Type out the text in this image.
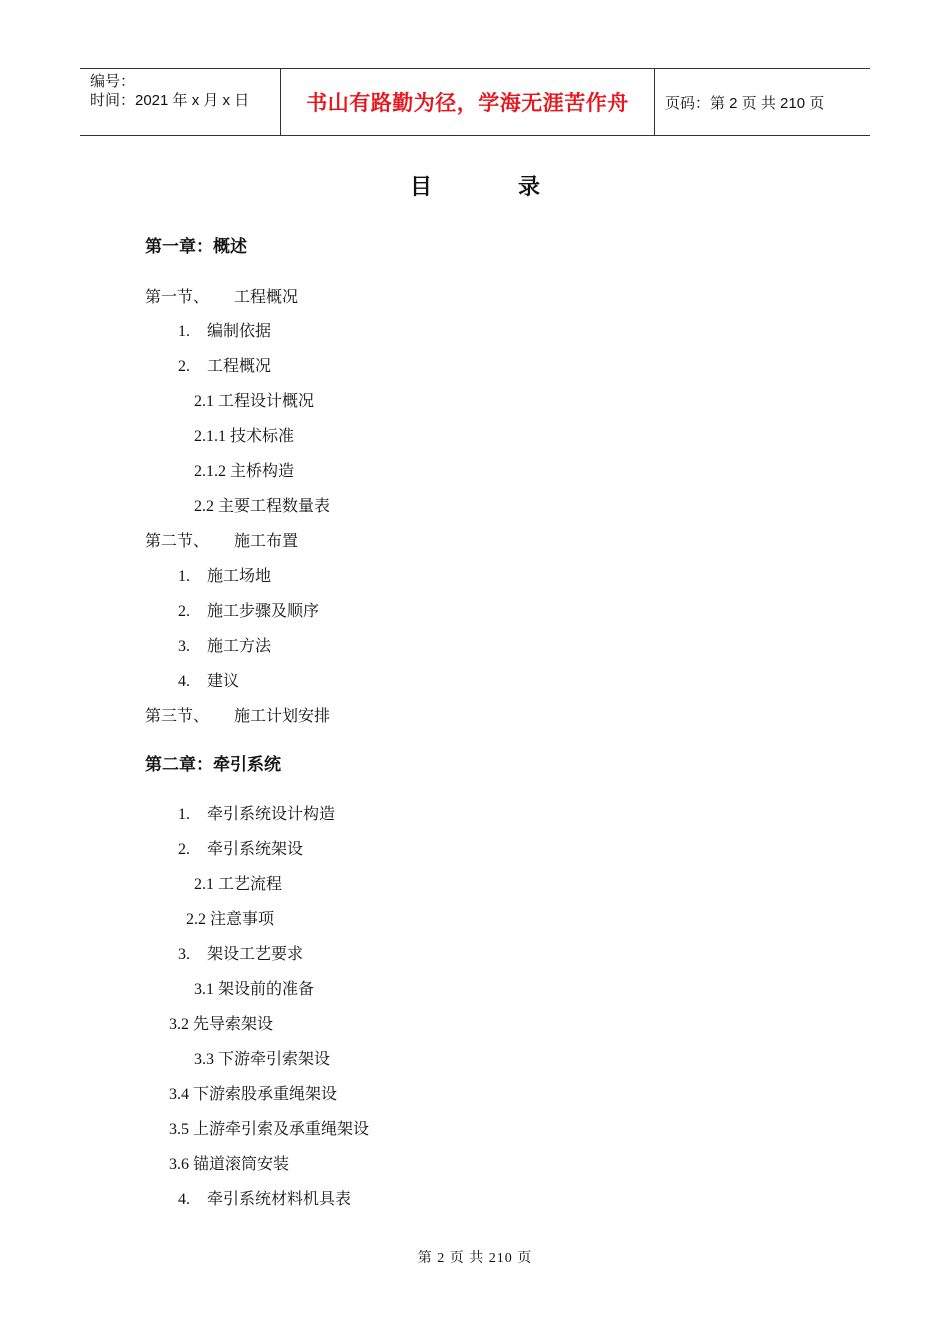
编号：
时间：2021 年 x 月 x 日	书山有路勤为径，学海无涯苦作舟	页码：第 2 页 共 210 页
目	录
第一章：概述
第一节、 工程概况
1. 编制依据
2. 工程概况
2.1 工程设计概况
2.1.1 技术标准
2.1.2 主桥构造
2.2 主要工程数量表
第二节、 施工布置
1. 施工场地
2. 施工步骤及顺序
3. 施工方法
4. 建议
第三节、 施工计划安排
第二章：牵引系统
1. 牵引系统设计构造
2. 牵引系统架设
2.1 工艺流程
2.2 注意事项
3. 架设工艺要求
3.1 架设前的准备
3.2 先导索架设
3.3 下游牵引索架设
3.4 下游索股承重绳架设
3.5 上游牵引索及承重绳架设
3.6 锚道滚筒安装
4. 牵引系统材料机具表
第 2 页 共 210 页
